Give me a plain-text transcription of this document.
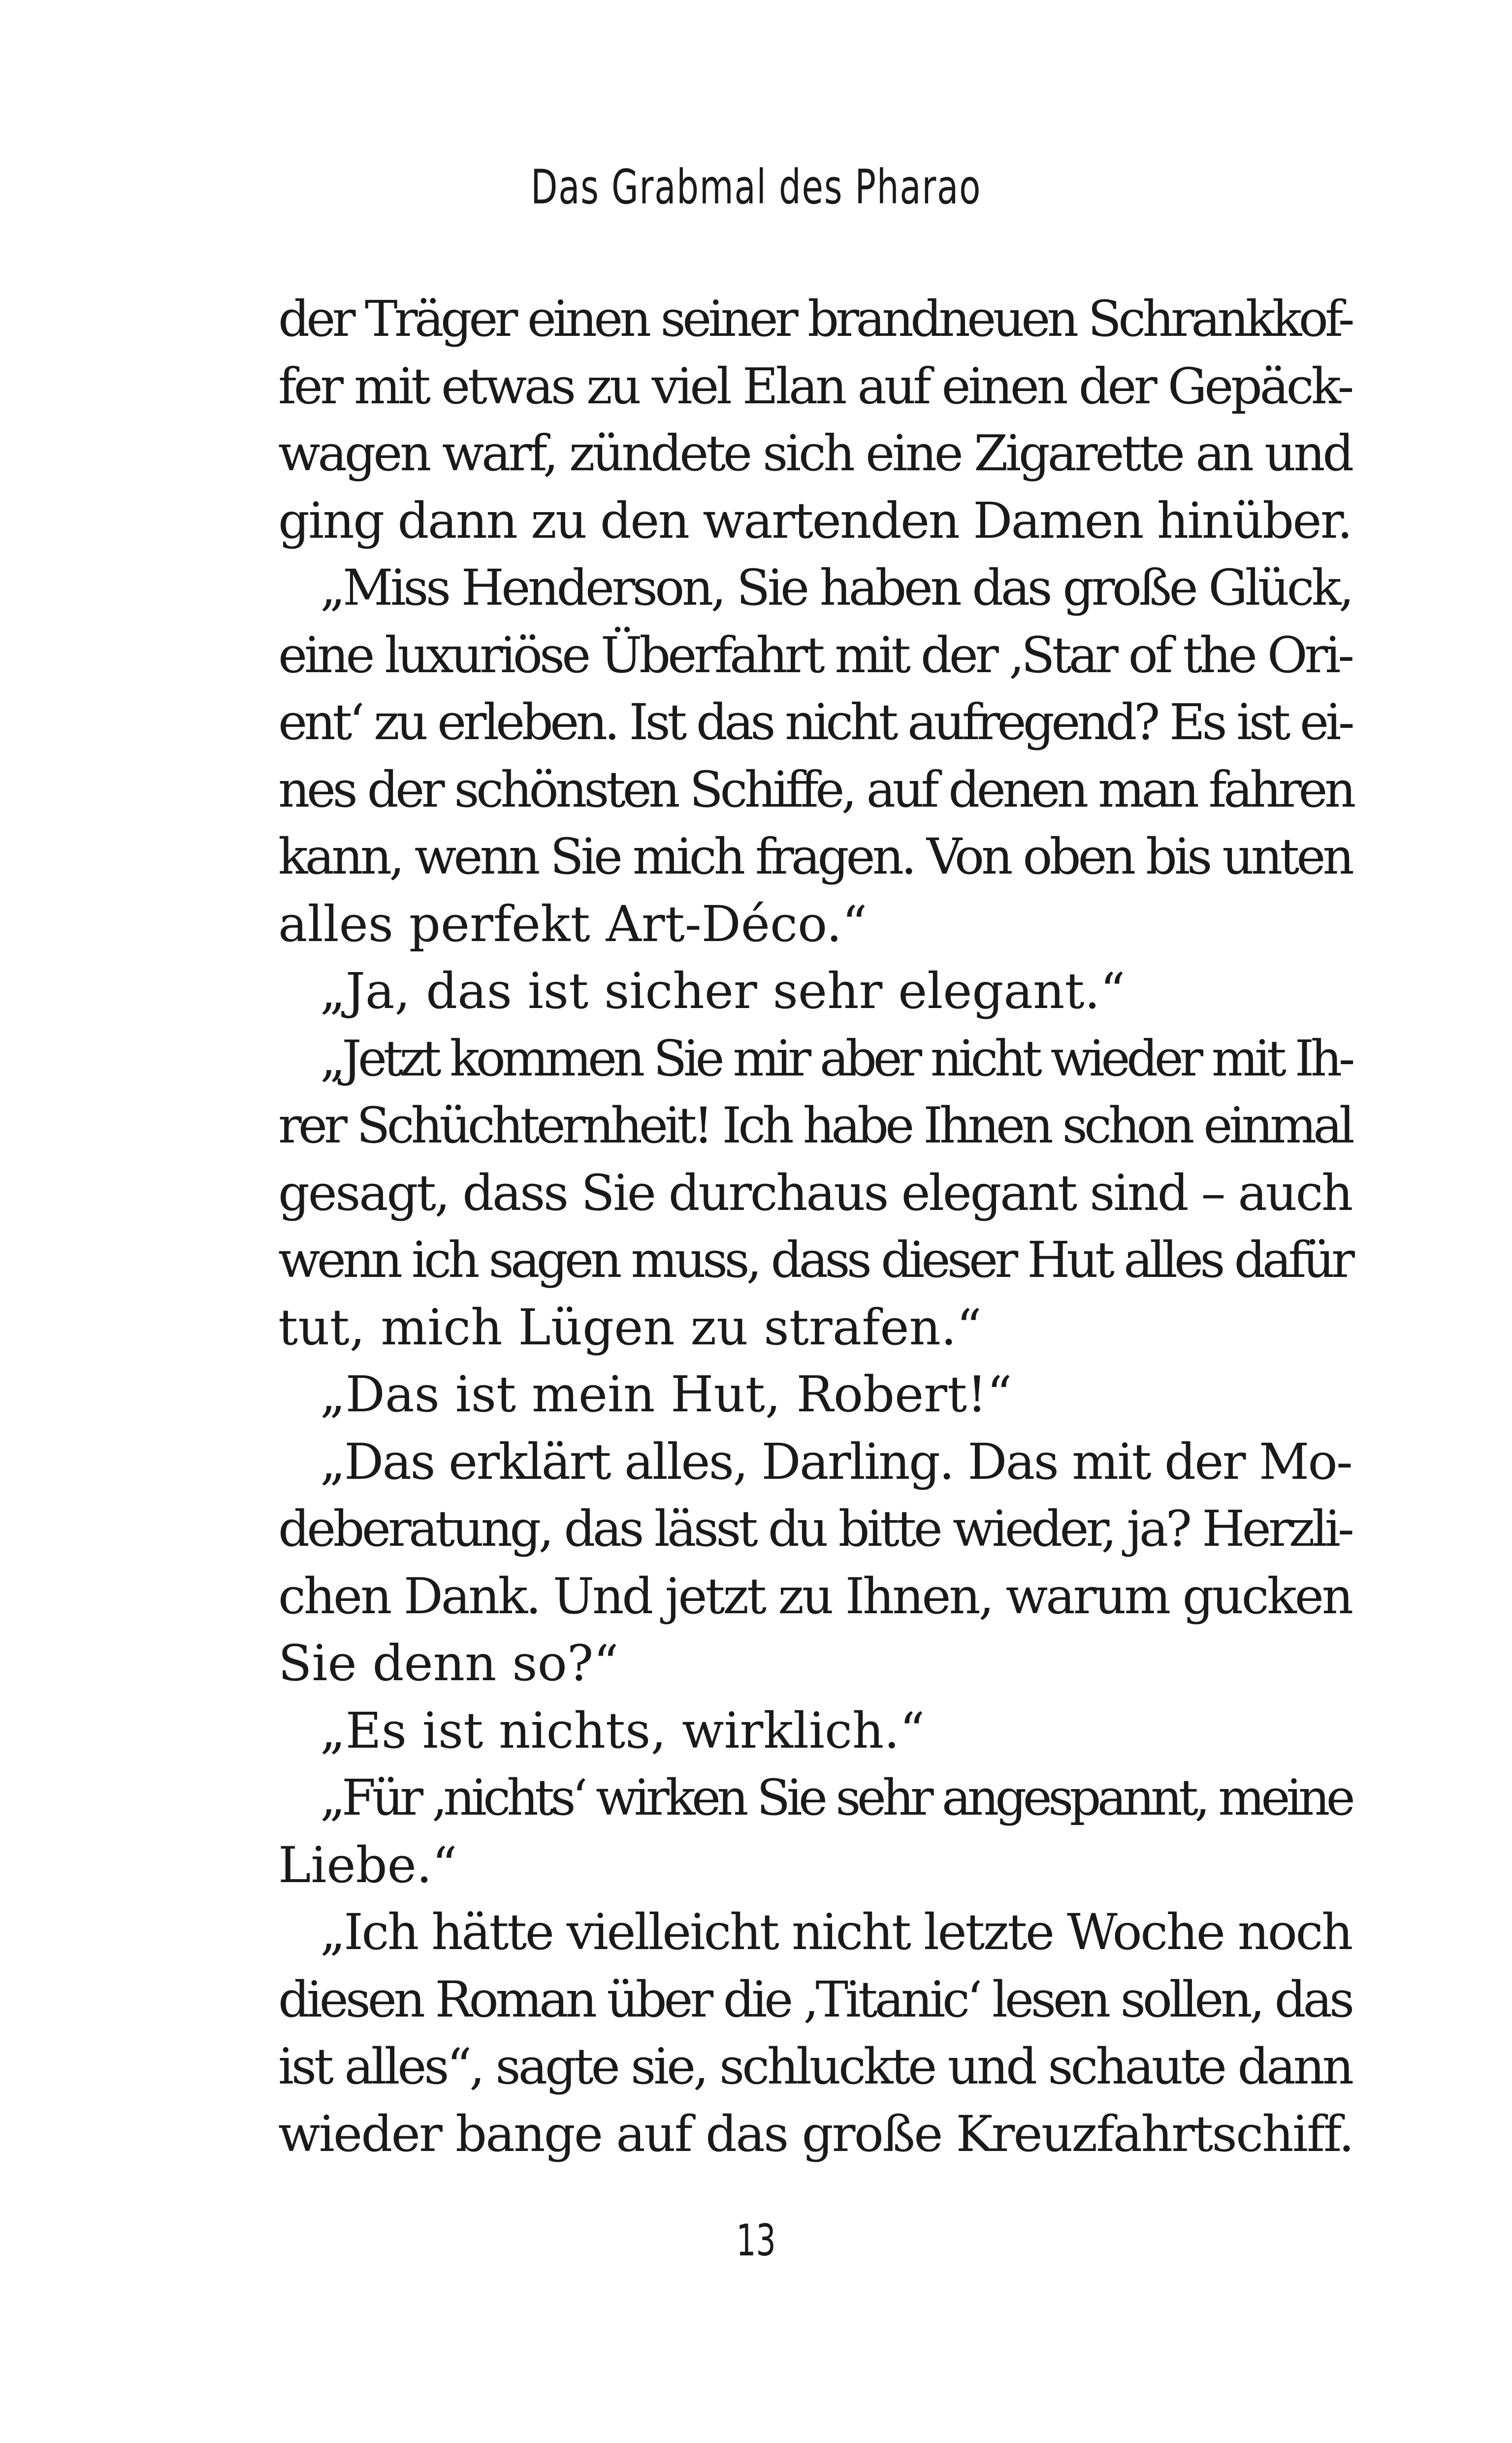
Das Grabmal des Pharao
der Träger einen seiner brandneuen Schrankkof-
fer mit etwas zu viel Elan auf einen der Gepäck-
wagen warf, zündete sich eine Zigarette an und
ging dann zu den wartenden Damen hinüber.
„Miss Henderson, Sie haben das große Glück,
eine luxuriöse Überfahrt mit der ‚Star of the Ori-
ent‘ zu erleben. Ist das nicht aufregend? Es ist ei-
nes der schönsten Schiffe, auf denen man fahren
kann, wenn Sie mich fragen. Von oben bis unten
alles perfekt Art-Déco.“
„Ja, das ist sicher sehr elegant.“
„Jetzt kommen Sie mir aber nicht wieder mit Ih-
rer Schüchternheit! Ich habe Ihnen schon einmal
gesagt, dass Sie durchaus elegant sind – auch
wenn ich sagen muss, dass dieser Hut alles dafür
tut, mich Lügen zu strafen.“
„Das ist mein Hut, Robert!“
„Das erklärt alles, Darling. Das mit der Mo-
deberatung, das lässt du bitte wieder, ja? Herzli-
chen Dank. Und jetzt zu Ihnen, warum gucken
Sie denn so?“
„Es ist nichts, wirklich.“
„Für ‚nichts‘ wirken Sie sehr angespannt, meine
Liebe.“
„Ich hätte vielleicht nicht letzte Woche noch
diesen Roman über die ‚Titanic‘ lesen sollen, das
ist alles“, sagte sie, schluckte und schaute dann
wieder bange auf das große Kreuzfahrtschiff.
13
